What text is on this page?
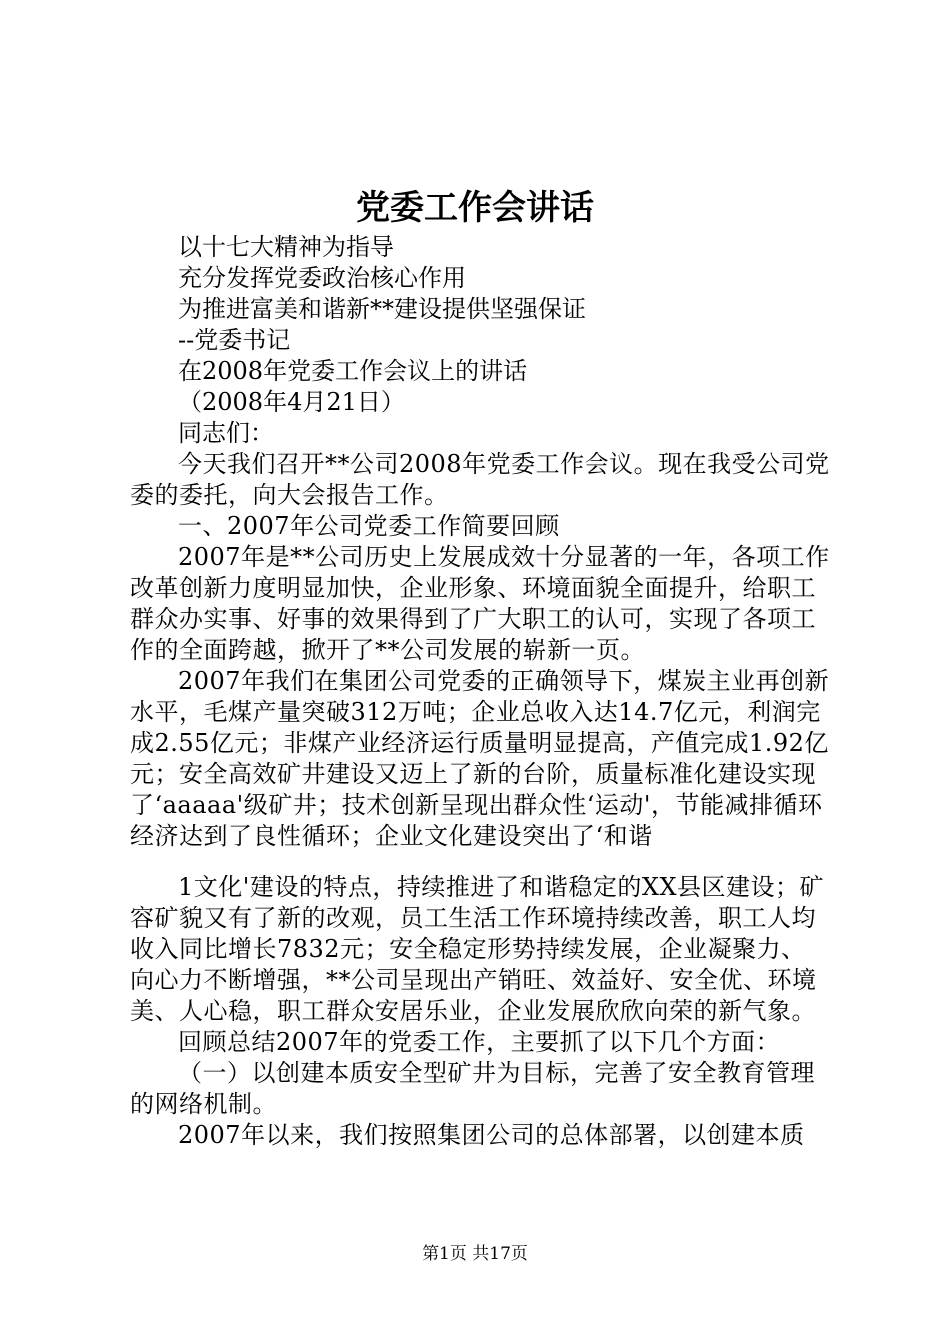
党委工作会讲话

以十七大精神为指导

充分发挥党委政治核心作用

为推进富美和谐新**建设提供坚强保证

--党委书记

在2008年党委工作会议上的讲话

（2008年4月21日）

同志们：

今天我们召开**公司2008年党委工作会议。现在我受公司党委的委托，向大会报告工作。

一、2007年公司党委工作简要回顾

2007年是**公司历史上发展成效十分显著的一年，各项工作改革创新力度明显加快，企业形象、环境面貌全面提升，给职工群众办实事、好事的效果得到了广大职工的认可，实现了各项工作的全面跨越，掀开了**公司发展的崭新一页。

2007年我们在集团公司党委的正确领导下，煤炭主业再创新水平，毛煤产量突破312万吨；企业总收入达14.7亿元，利润完成2.55亿元；非煤产业经济运行质量明显提高，产值完成1.92亿元；安全高效矿井建设又迈上了新的台阶，质量标准化建设实现了‘aaaaa'级矿井；技术创新呈现出群众性‘运动'，节能减排循环经济达到了良性循环；企业文化建设突出了‘和谐

1文化'建设的特点，持续推进了和谐稳定的XX县区建设；矿容矿貌又有了新的改观，员工生活工作环境持续改善，职工人均收入同比增长7832元；安全稳定形势持续发展，企业凝聚力、向心力不断增强，**公司呈现出产销旺、效益好、安全优、环境美、人心稳，职工群众安居乐业，企业发展欣欣向荣的新气象。

回顾总结2007年的党委工作，主要抓了以下几个方面：

（一）以创建本质安全型矿井为目标，完善了安全教育管理的网络机制。

2007年以来，我们按照集团公司的总体部署，以创建本质

第1页 共17页
